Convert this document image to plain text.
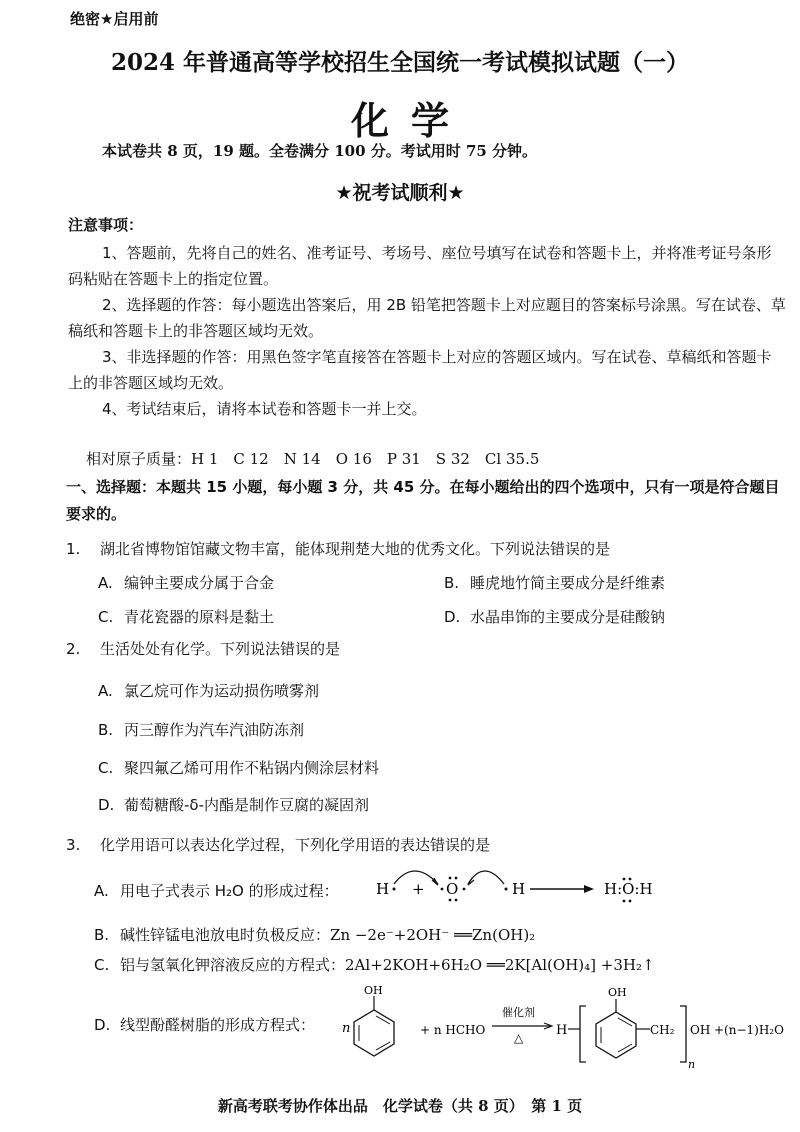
绝密★启用前
2024 年普通高等学校招生全国统一考试模拟试题（一）
化学
本试卷共 8 页，19 题。全卷满分 100 分。考试用时 75 分钟。
★祝考试顺利★
注意事项：

1、答题前，先将自己的姓名、准考证号、考场号、座位号填写在试卷和答题卡上，并将准考证号条形码粘贴在答题卡上的指定位置。

2、选择题的作答：每小题选出答案后，用 2B 铅笔把答题卡上对应题目的答案标号涂黑。写在试卷、草稿纸和答题卡上的非答题区域均无效。

3、非选择题的作答：用黑色签字笔直接答在答题卡上对应的答题区域内。写在试卷、草稿纸和答题卡上的非答题区域均无效。

4、考试结束后，请将本试卷和答题卡一并上交。

相对原子质量：H 1　C 12　N 14　O 16　P 31　S 32　Cl 35.5
一、选择题：本题共 15 小题，每小题 3 分，共 45 分。在每小题给出的四个选项中，只有一项是符合题目要求的。
1. 湖北省博物馆馆藏文物丰富，能体现荆楚大地的优秀文化。下列说法错误的是
A. 编钟主要成分属于合金	B. 睡虎地竹简主要成分是纤维素
C. 青花瓷器的原料是黏土	D. 水晶串饰的主要成分是硅酸钠
2. 生活处处有化学。下列说法错误的是
A. 氯乙烷可作为运动损伤喷雾剂
B. 丙三醇作为汽车汽油防冻剂
C. 聚四氟乙烯可用作不粘锅内侧涂层材料
D. 葡萄糖酸-δ-内酯是制作豆腐的凝固剂
3. 化学用语可以表达化学过程，下列化学用语的表达错误的是
A. 用电子式表示 H₂O 的形成过程： H + O	H	H:O:H
B. 碱性锌锰电池放电时负极反应：Zn −2e⁻+2OH⁻ ══Zn(OH)₂
C. 铝与氢氧化钾溶液反应的方程式：2Al+2KOH+6H₂O ══2K[Al(OH)₄] +3H₂↑
D. 线型酚醛树脂的形成方程式： n
OH
+ n HCHO
催化剂
△	H
OH
CH₂
n
OH +(n−1)H₂O
新高考联考协作体出品　化学试卷（共 8 页）　第 1 页
